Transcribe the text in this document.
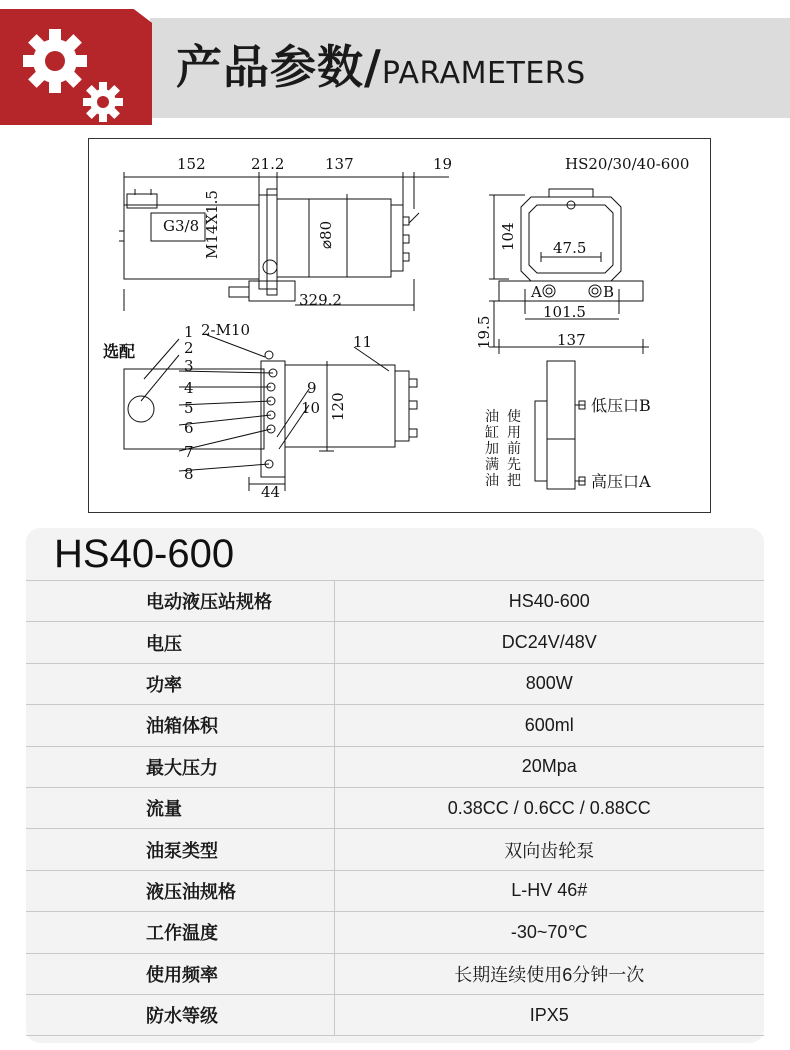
产品参数/PARAMETERS
152	21.2	137	19
329.2
G3/8 M14X1.5	⌀80
HS20/30/40-600
104 47.5
101.5
19.5	137
A	B
120
44
1
2
3
4
5
6
7
8
9
10
11
选配
2-M10
低压口B
高压口A
油缸加满油
使用前先把
HS40-600
电动液压站规格	HS40-600
电压	DC24V/48V
功率	800W
油箱体积	600ml
最大压力	20Mpa
流量	0.38CC / 0.6CC / 0.88CC
油泵类型	双向齿轮泵
液压油规格	L-HV 46#
工作温度	-30~70℃
使用频率	长期连续使用6分钟一次
防水等级	IPX5
